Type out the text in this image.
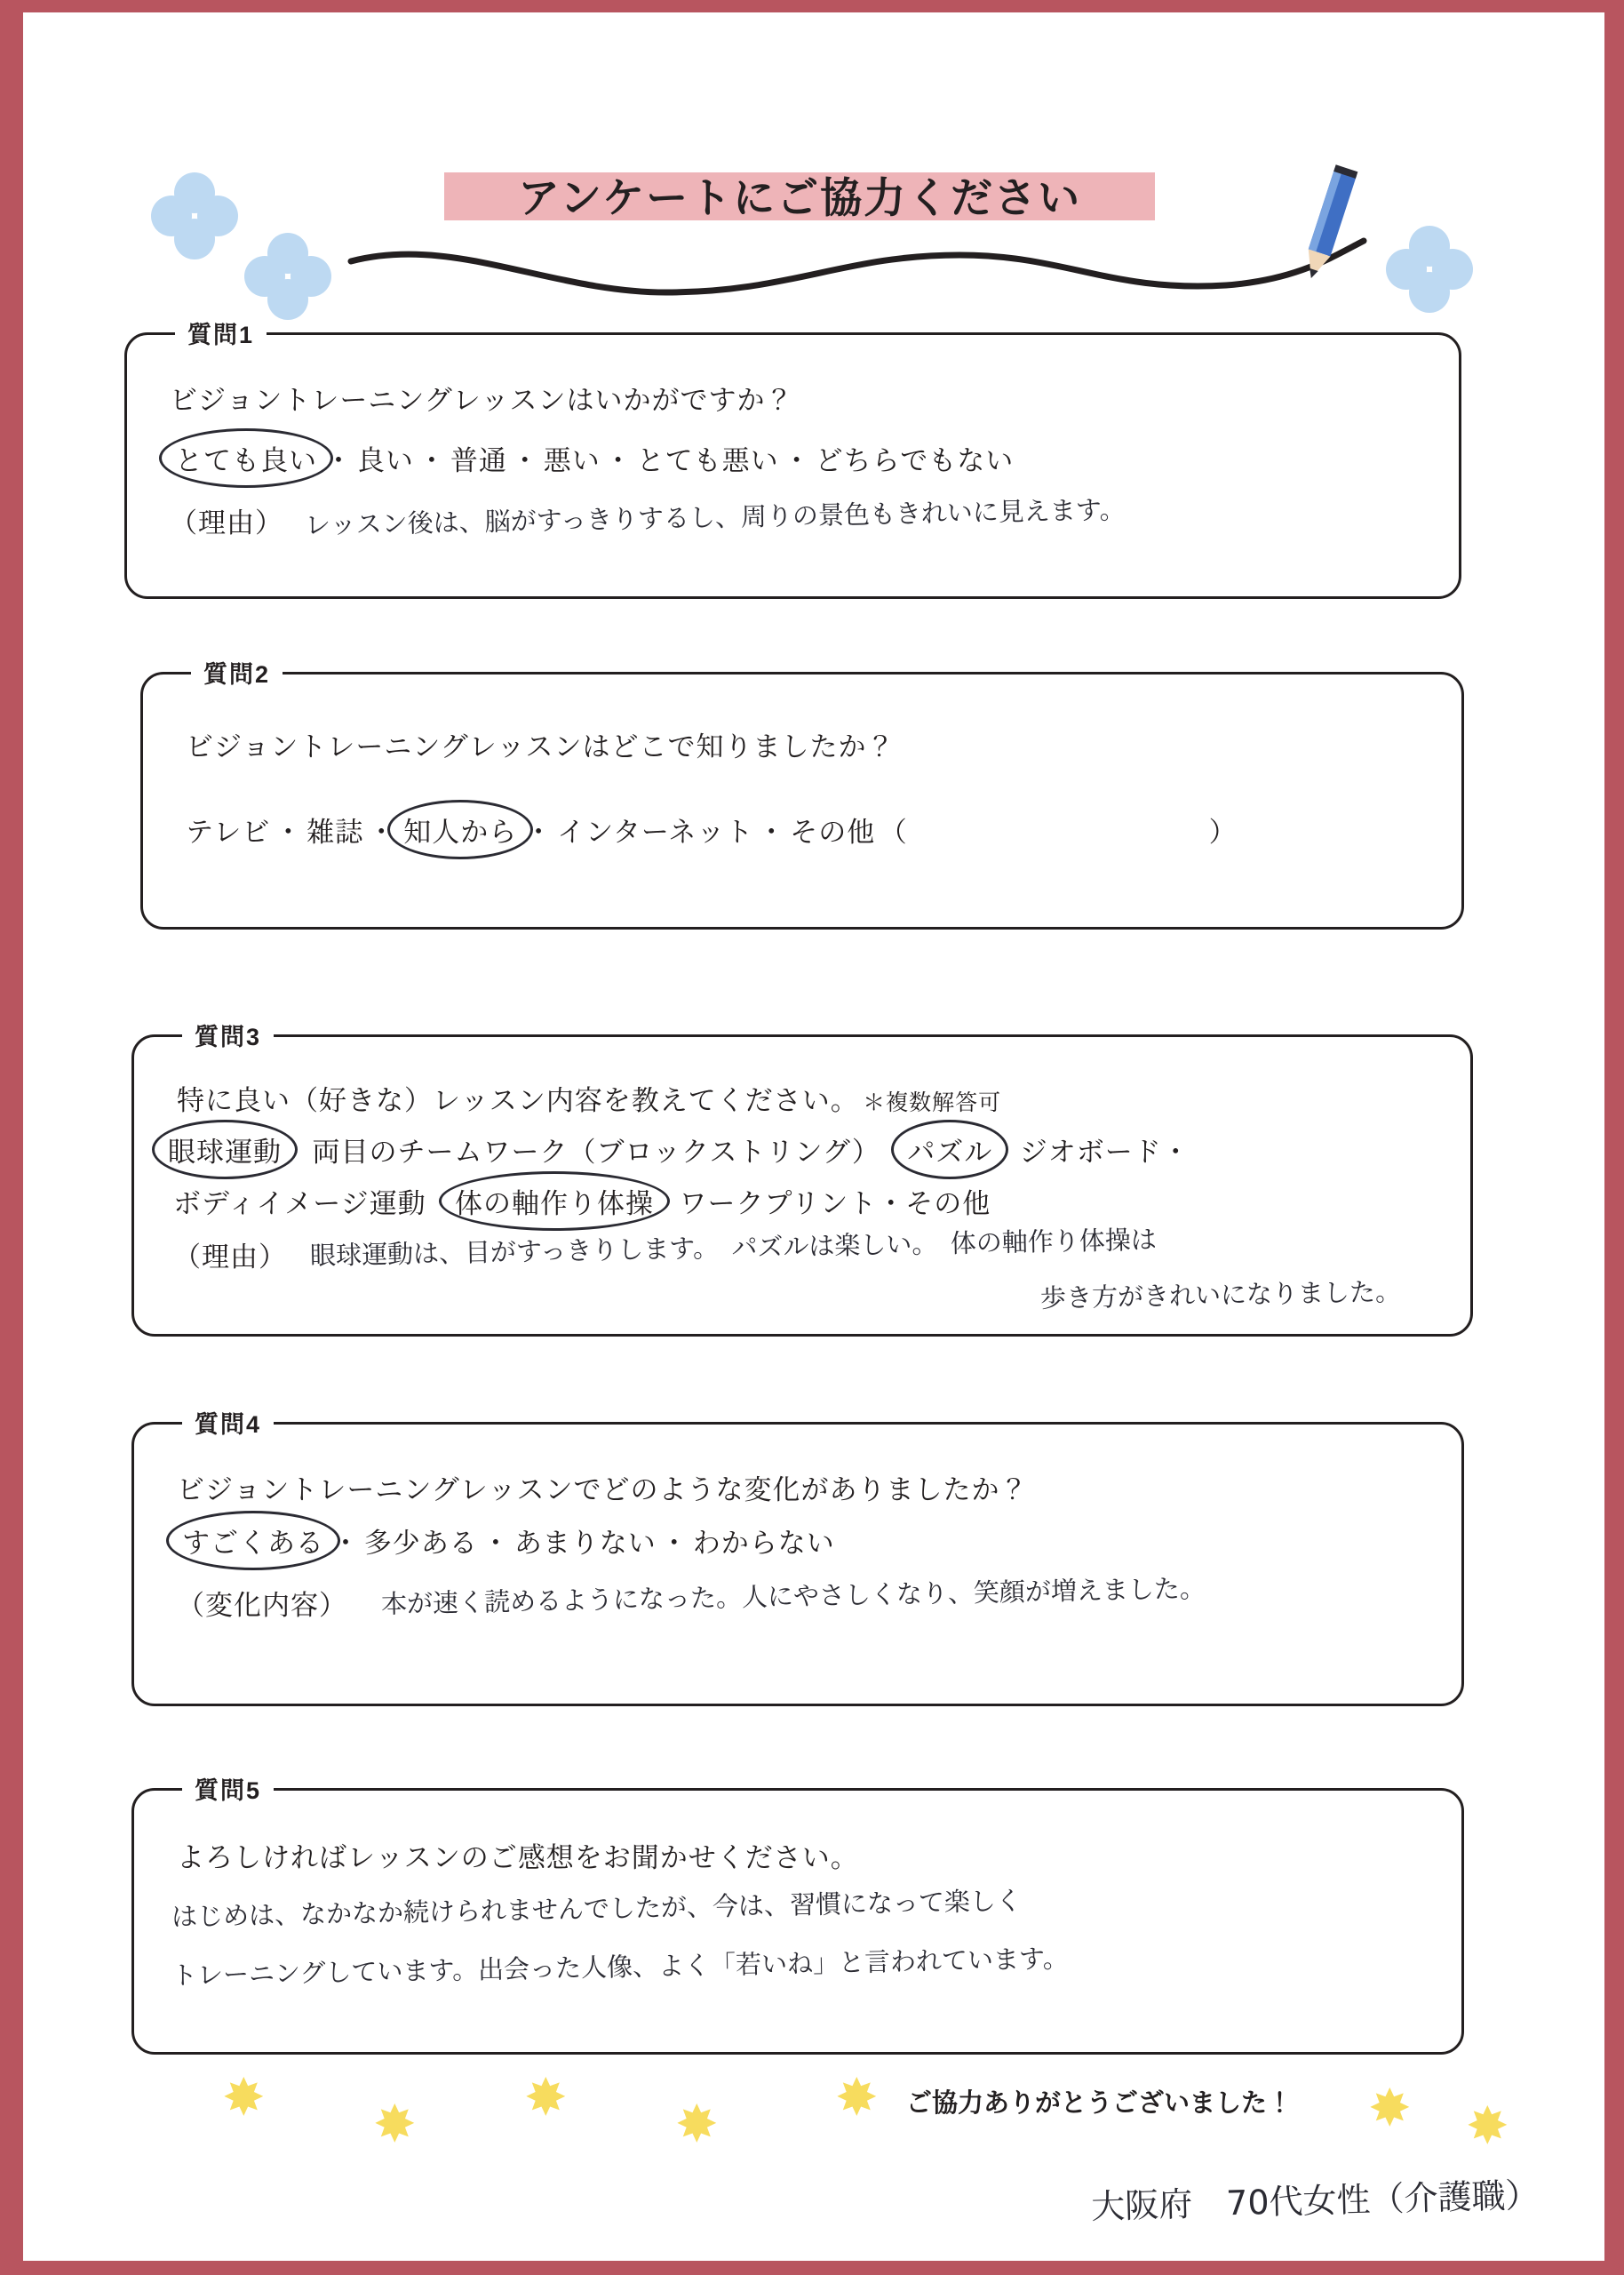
アンケートにご協力ください
質問1
ビジョントレーニングレッスンはいかがですか？
とても良い ・ 良い ・ 普通 ・ 悪い ・ とても悪い ・ どちらでもない
（理由） レッスン後は、脳がすっきりするし、周りの景色もきれいに見えます。
質問2
ビジョントレーニングレッスンはどこで知りましたか？
テレビ ・ 雑誌 ・ 知人から ・ インターネット ・ その他 （	）
質問3
特に良い（好きな）レッスン内容を教えてください。 ＊複数解答可
眼球運動 両目のチームワーク（ブロックストリング） パズル ジオボード・
ボディイメージ運動 体の軸作り体操 ワークプリント・その他
（理由） 眼球運動は、目がすっきりします。　パズルは楽しい。　体の軸作り体操は
歩き方がきれいになりました。
質問4
ビジョントレーニングレッスンでどのような変化がありましたか？
すごくある ・ 多少ある ・ あまりない ・ わからない
（変化内容） 本が速く読めるようになった。人にやさしくなり、笑顔が増えました。
質問5
よろしければレッスンのご感想をお聞かせください。
はじめは、なかなか続けられませんでしたが、今は、習慣になって楽しく
トレーニングしています。出会った人像、よく「若いね」と言われています。
✸ ✸ ✸ ✸ ✸ ご協力ありがとうございました！ ✸ ✸
大阪府　70代女性（介護職）
